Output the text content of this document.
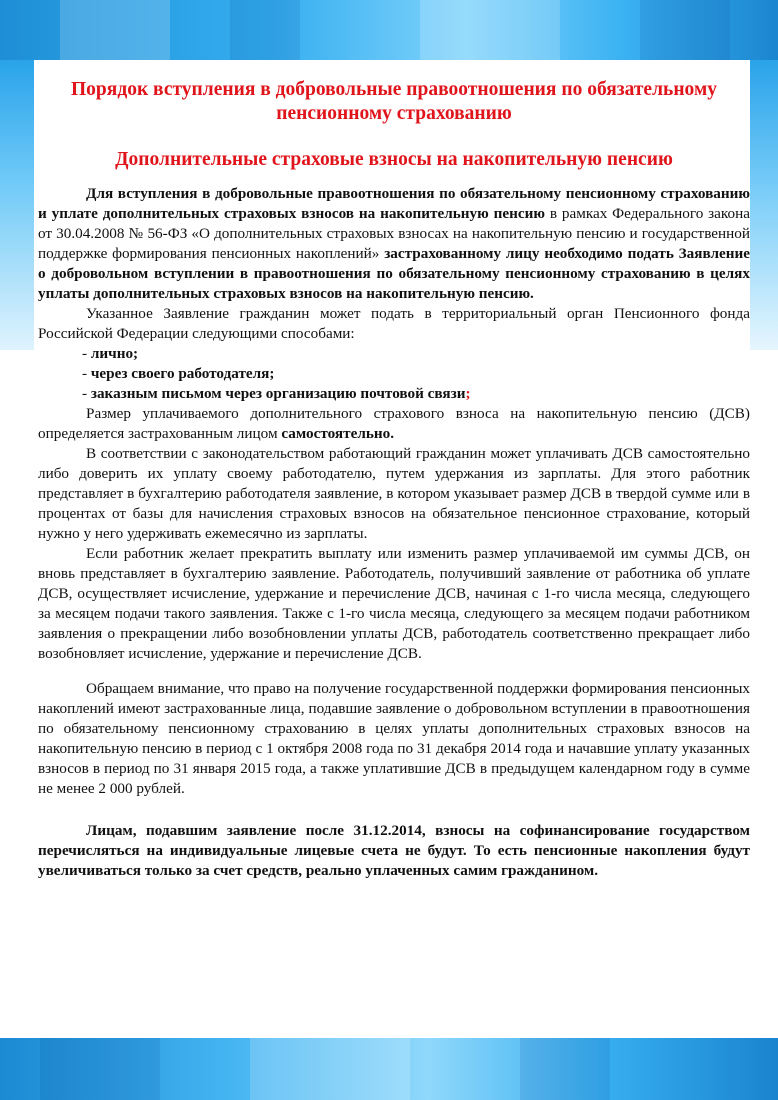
Порядок вступления в добровольные правоотношения по обязательному пенсионному страхованию
Дополнительные страховые взносы на накопительную пенсию

Для вступления в добровольные правоотношения по обязательному пенсионному страхованию и уплате дополнительных страховых взносов на накопительную пенсию в рамках Федерального закона от 30.04.2008 № 56-ФЗ «О дополнительных страховых взносах на накопительную пенсию и государственной поддержке формирования пенсионных накоплений» застрахованному лицу необходимо подать Заявление о добровольном вступлении в правоотношения по обязательному пенсионному страхованию в целях уплаты дополнительных страховых взносов на накопительную пенсию.

Указанное Заявление гражданин может подать в территориальный орган Пенсионного фонда Российской Федерации следующими способами:

- лично;
- через своего работодателя;
- заказным письмом через организацию почтовой связи;

Размер уплачиваемого дополнительного страхового взноса на накопительную пенсию (ДСВ) определяется застрахованным лицом самостоятельно.

В соответствии с законодательством работающий гражданин может уплачивать ДСВ самостоятельно либо доверить их уплату своему работодателю, путем удержания из зарплаты. Для этого работник представляет в бухгалтерию работодателя заявление, в котором указывает размер ДСВ в твердой сумме или в процентах от базы для начисления страховых взносов на обязательное пенсионное страхование, который нужно у него удерживать ежемесячно из зарплаты.

Если работник желает прекратить выплату или изменить размер уплачиваемой им суммы ДСВ, он вновь представляет в бухгалтерию заявление. Работодатель, получивший заявление от работника об уплате ДСВ, осуществляет исчисление, удержание и перечисление ДСВ, начиная с 1-го числа месяца, следующего за месяцем подачи такого заявления. Также с 1-го числа месяца, следующего за месяцем подачи работником заявления о прекращении либо возобновлении уплаты ДСВ, работодатель соответственно прекращает либо возобновляет исчисление, удержание и перечисление ДСВ.

Обращаем внимание, что право на получение государственной поддержки формирования пенсионных накоплений имеют застрахованные лица, подавшие заявление о добровольном вступлении в правоотношения по обязательному пенсионному страхованию в целях уплаты дополнительных страховых взносов на накопительную пенсию в период с 1 октября 2008 года по 31 декабря 2014 года и начавшие уплату указанных взносов в период по 31 января 2015 года, а также уплатившие ДСВ в предыдущем календарном году в сумме не менее 2 000 рублей.

Лицам, подавшим заявление после 31.12.2014, взносы на софинансирование государством перечисляться на индивидуальные лицевые счета не будут. То есть пенсионные накопления будут увеличиваться только за счет средств, реально уплаченных самим гражданином.
